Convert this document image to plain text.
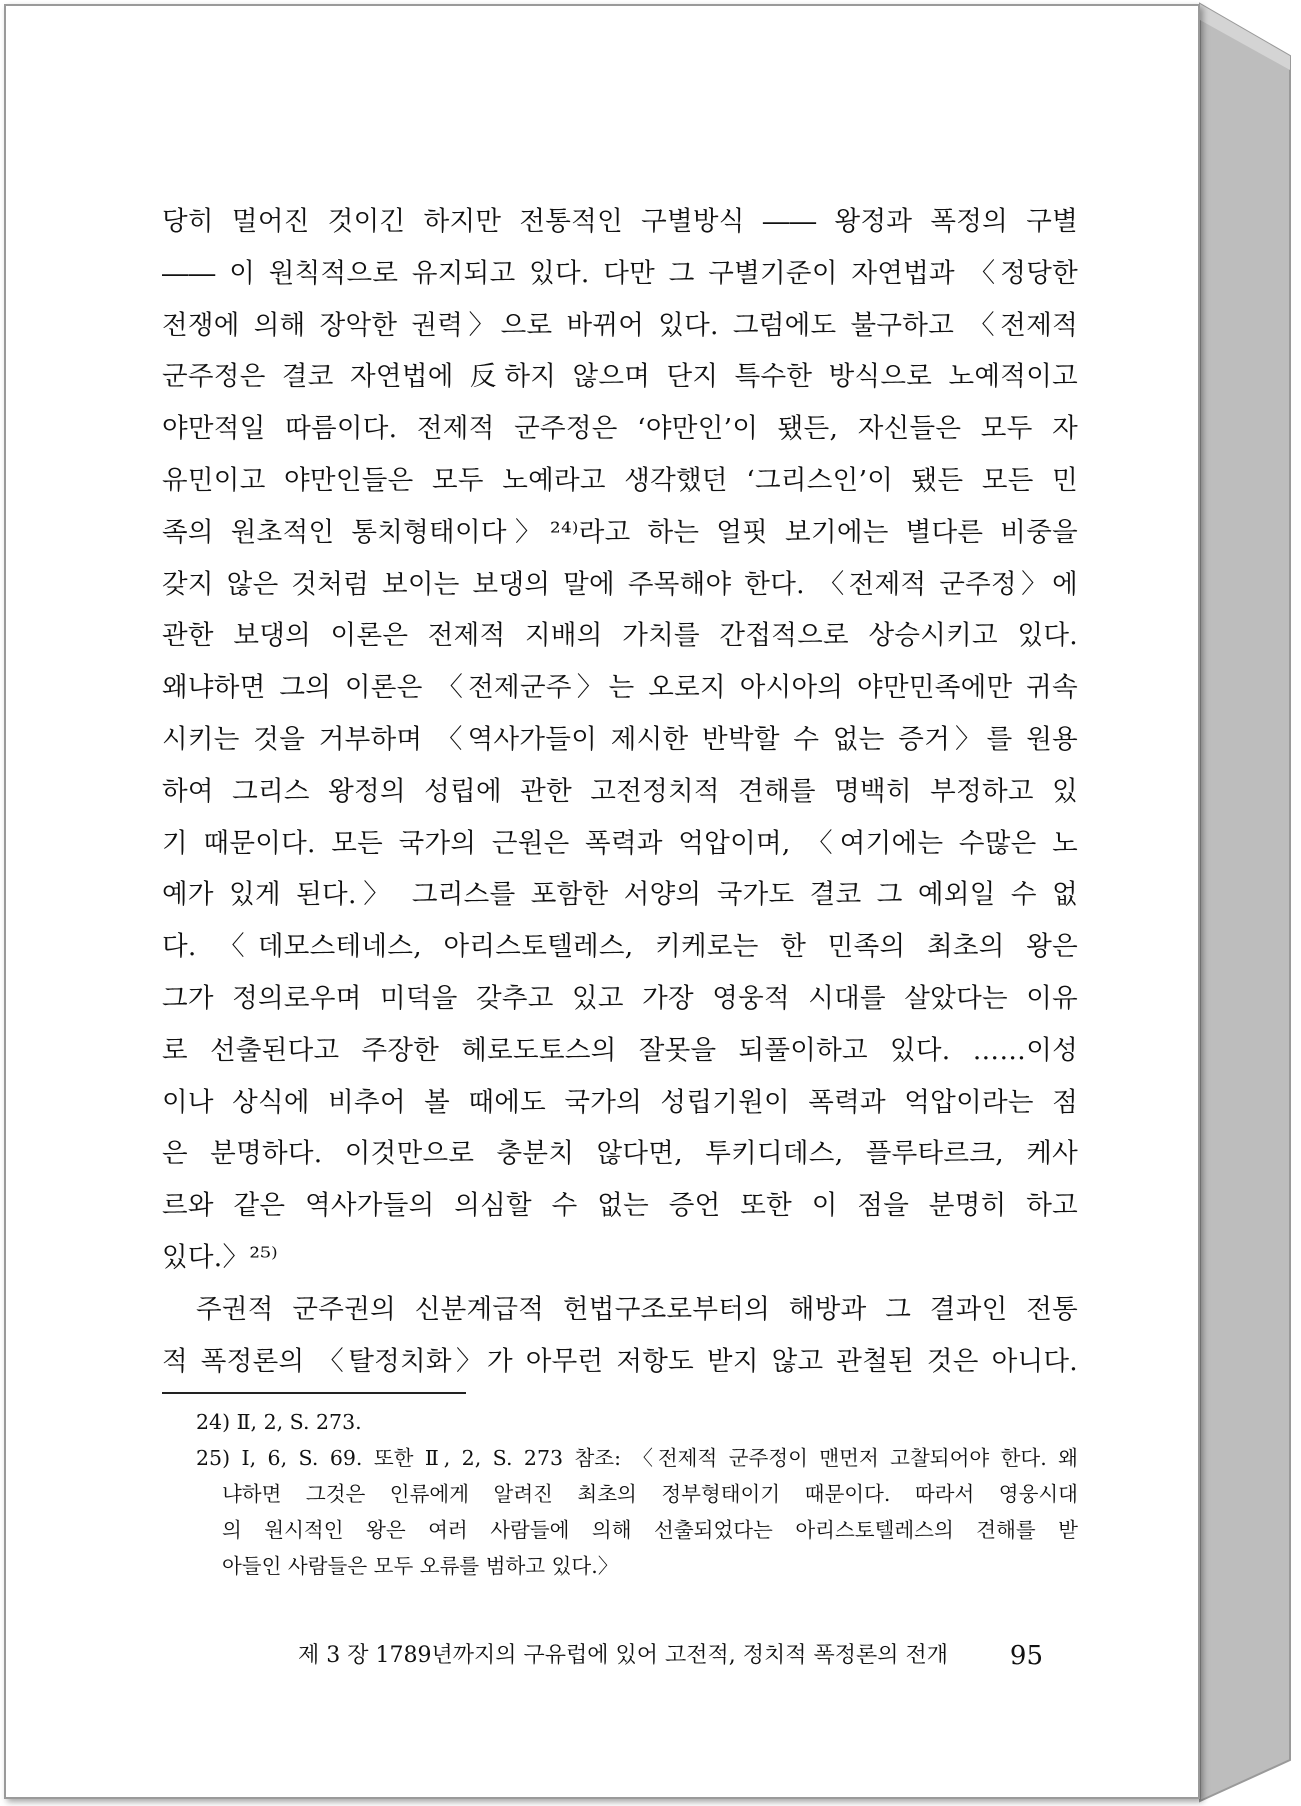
당히 멀어진 것이긴 하지만 전통적인 구별방식 ―― 왕정과 폭정의 구별
―― 이 원칙적으로 유지되고 있다. 다만 그 구별기준이 자연법과 〈정당한
전쟁에 의해 장악한 권력〉으로 바뀌어 있다. 그럼에도 불구하고 〈전제적
군주정은 결코 자연법에 反하지 않으며 단지 특수한 방식으로 노예적이고
야만적일 따름이다. 전제적 군주정은 ‘야만인’이 됐든, 자신들은 모두 자
유민이고 야만인들은 모두 노예라고 생각했던 ‘그리스인’이 됐든 모든 민
족의 원초적인 통치형태이다〉²⁴⁾라고 하는 얼핏 보기에는 별다른 비중을
갖지 않은 것처럼 보이는 보댕의 말에 주목해야 한다. 〈전제적 군주정〉에
관한 보댕의 이론은 전제적 지배의 가치를 간접적으로 상승시키고 있다.
왜냐하면 그의 이론은 〈전제군주〉는 오로지 아시아의 야만민족에만 귀속
시키는 것을 거부하며 〈역사가들이 제시한 반박할 수 없는 증거〉를 원용
하여 그리스 왕정의 성립에 관한 고전정치적 견해를 명백히 부정하고 있
기 때문이다. 모든 국가의 근원은 폭력과 억압이며, 〈여기에는 수많은 노
예가 있게 된다.〉 그리스를 포함한 서양의 국가도 결코 그 예외일 수 없
다. 〈데모스테네스, 아리스토텔레스, 키케로는 한 민족의 최초의 왕은
그가 정의로우며 미덕을 갖추고 있고 가장 영웅적 시대를 살았다는 이유
로 선출된다고 주장한 헤로도토스의 잘못을 되풀이하고 있다. ……이성
이나 상식에 비추어 볼 때에도 국가의 성립기원이 폭력과 억압이라는 점
은 분명하다. 이것만으로 충분치 않다면, 투키디데스, 플루타르크, 케사
르와 같은 역사가들의 의심할 수 없는 증언 또한 이 점을 분명히 하고
있다.〉²⁵⁾
주권적 군주권의 신분계급적 헌법구조로부터의 해방과 그 결과인 전통
적 폭정론의 〈탈정치화〉가 아무런 저항도 받지 않고 관철된 것은 아니다.
24) Ⅱ, 2, S. 273.
25) I, 6, S. 69. 또한 Ⅱ, 2, S. 273 참조: 〈전제적 군주정이 맨먼저 고찰되어야 한다. 왜
냐하면 그것은 인류에게 알려진 최초의 정부형태이기 때문이다. 따라서 영웅시대
의 원시적인 왕은 여러 사람들에 의해 선출되었다는 아리스토텔레스의 견해를 받
아들인 사람들은 모두 오류를 범하고 있다.〉
제 3 장 1789년까지의 구유럽에 있어 고전적, 정치적 폭정론의 전개 95
